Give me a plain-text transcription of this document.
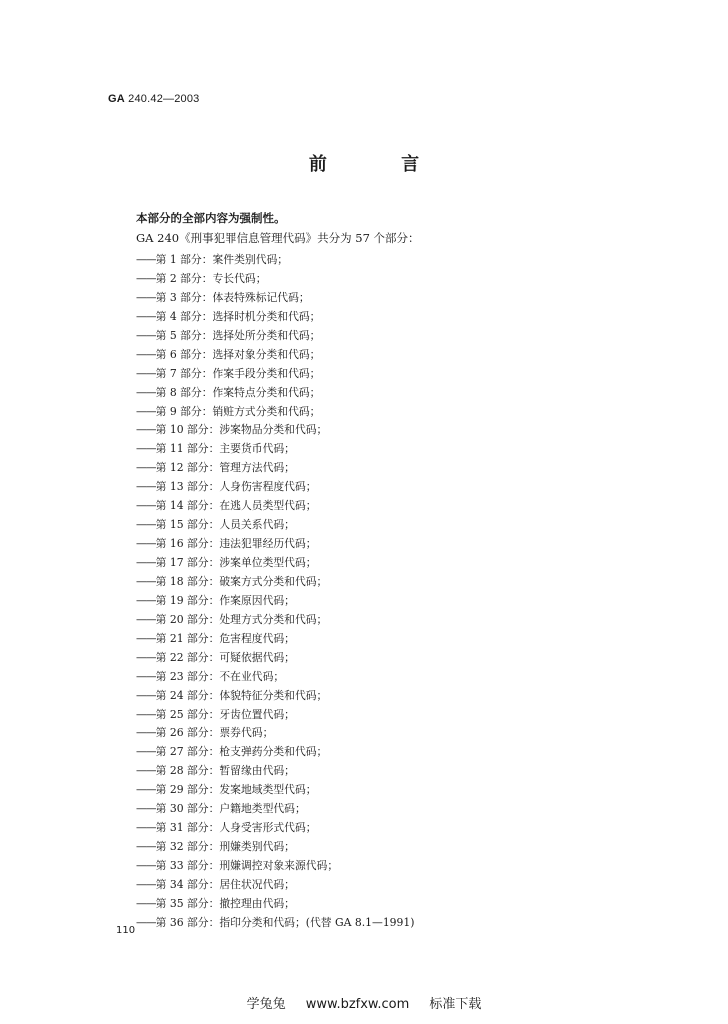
GA 240.42—2003
前 言
本部分的全部内容为强制性。
GA 240《刑事犯罪信息管理代码》共分为 57 个部分：
——第 1 部分：案件类别代码；
——第 2 部分：专长代码；
——第 3 部分：体表特殊标记代码；
——第 4 部分：选择时机分类和代码；
——第 5 部分：选择处所分类和代码；
——第 6 部分：选择对象分类和代码；
——第 7 部分：作案手段分类和代码；
——第 8 部分：作案特点分类和代码；
——第 9 部分：销赃方式分类和代码；
——第 10 部分：涉案物品分类和代码；
——第 11 部分：主要货币代码；
——第 12 部分：管理方法代码；
——第 13 部分：人身伤害程度代码；
——第 14 部分：在逃人员类型代码；
——第 15 部分：人员关系代码；
——第 16 部分：违法犯罪经历代码；
——第 17 部分：涉案单位类型代码；
——第 18 部分：破案方式分类和代码；
——第 19 部分：作案原因代码；
——第 20 部分：处理方式分类和代码；
——第 21 部分：危害程度代码；
——第 22 部分：可疑依据代码；
——第 23 部分：不在业代码；
——第 24 部分：体貌特征分类和代码；
——第 25 部分：牙齿位置代码；
——第 26 部分：票券代码；
——第 27 部分：枪支弹药分类和代码；
——第 28 部分：暂留缘由代码；
——第 29 部分：发案地域类型代码；
——第 30 部分：户籍地类型代码；
——第 31 部分：人身受害形式代码；
——第 32 部分：刑嫌类别代码；
——第 33 部分：刑嫌调控对象来源代码；
——第 34 部分：居住状况代码；
——第 35 部分：撤控理由代码；
——第 36 部分：指印分类和代码；(代替 GA 8.1—1991)
110
学兔兔 www.bzfxw.com 标准下载
